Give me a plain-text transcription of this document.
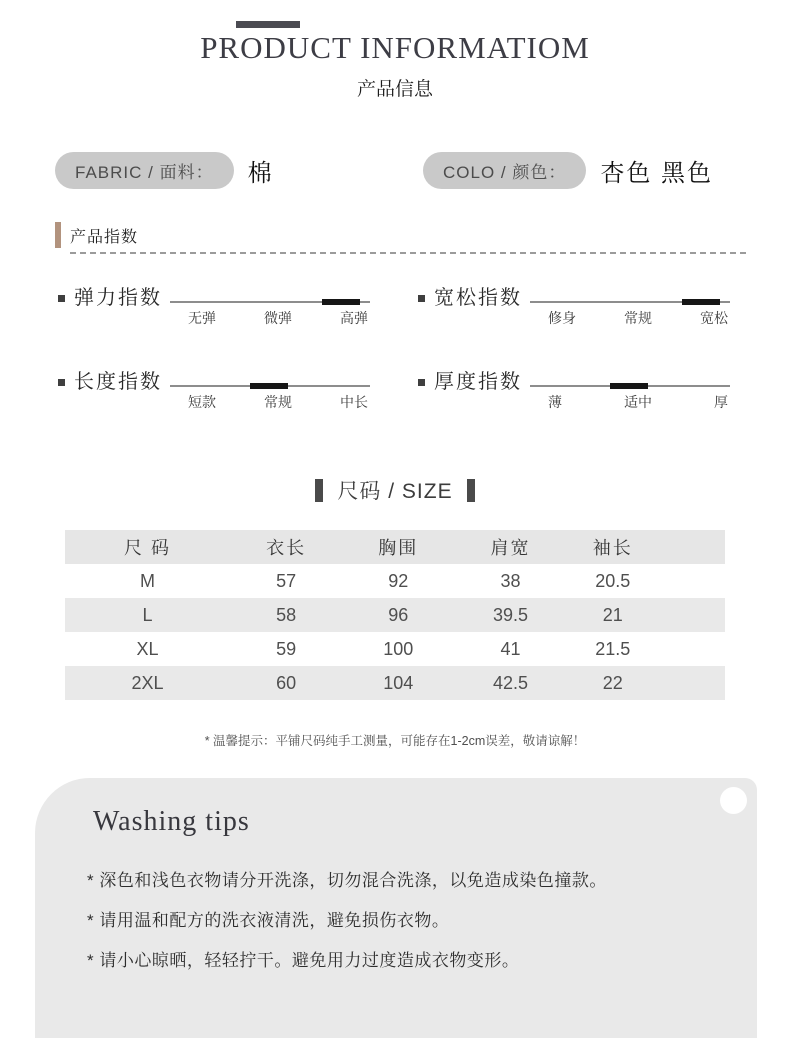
PRODUCT INFORMATIOM
产品信息
FABRIC / 面料：	棉	COLO / 颜色：	杏色 黑色
产品指数
弹力指数
无弹	微弹	高弹
宽松指数
修身	常规	宽松
长度指数
短款	常规	中长
厚度指数
薄	适中	厚
尺码 / SIZE
尺 码	衣长	胸围	肩宽	袖长
M	57	92	38	20.5
L	58	96	39.5	21
XL	59	100	41	21.5
2XL	60	104	42.5	22
* 温馨提示：平铺尺码纯手工测量，可能存在1-2cm误差，敬请谅解！
Washing tips
* 深色和浅色衣物请分开洗涤，切勿混合洗涤，以免造成染色撞款。
* 请用温和配方的洗衣液清洗，避免损伤衣物。
* 请小心晾晒，轻轻拧干。避免用力过度造成衣物变形。
